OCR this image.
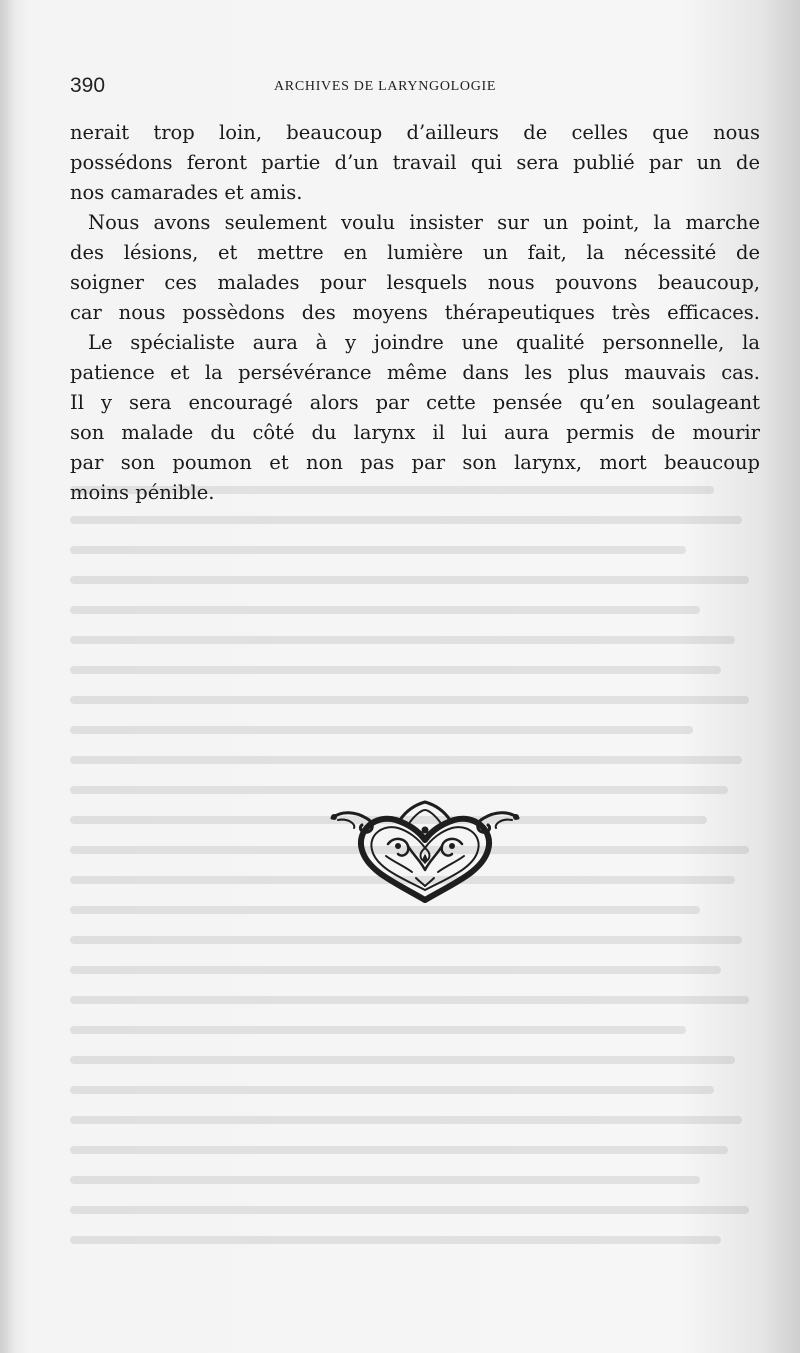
390	ARCHIVES DE LARYNGOLOGIE
nerait trop loin, beaucoup d’ailleurs de celles que nous
possédons feront partie d’un travail qui sera publié par un de
nos camarades et amis.
Nous avons seulement voulu insister sur un point, la marche
des lésions, et mettre en lumière un fait, la nécessité de
soigner ces malades pour lesquels nous pouvons beaucoup,
car nous possèdons des moyens thérapeutiques très efficaces.
Le spécialiste aura à y joindre une qualité personnelle, la
patience et la persévérance même dans les plus mauvais cas.
Il y sera encouragé alors par cette pensée qu’en soulageant
son malade du côté du larynx il lui aura permis de mourir
par son poumon et non pas par son larynx, mort beaucoup
moins pénible.
